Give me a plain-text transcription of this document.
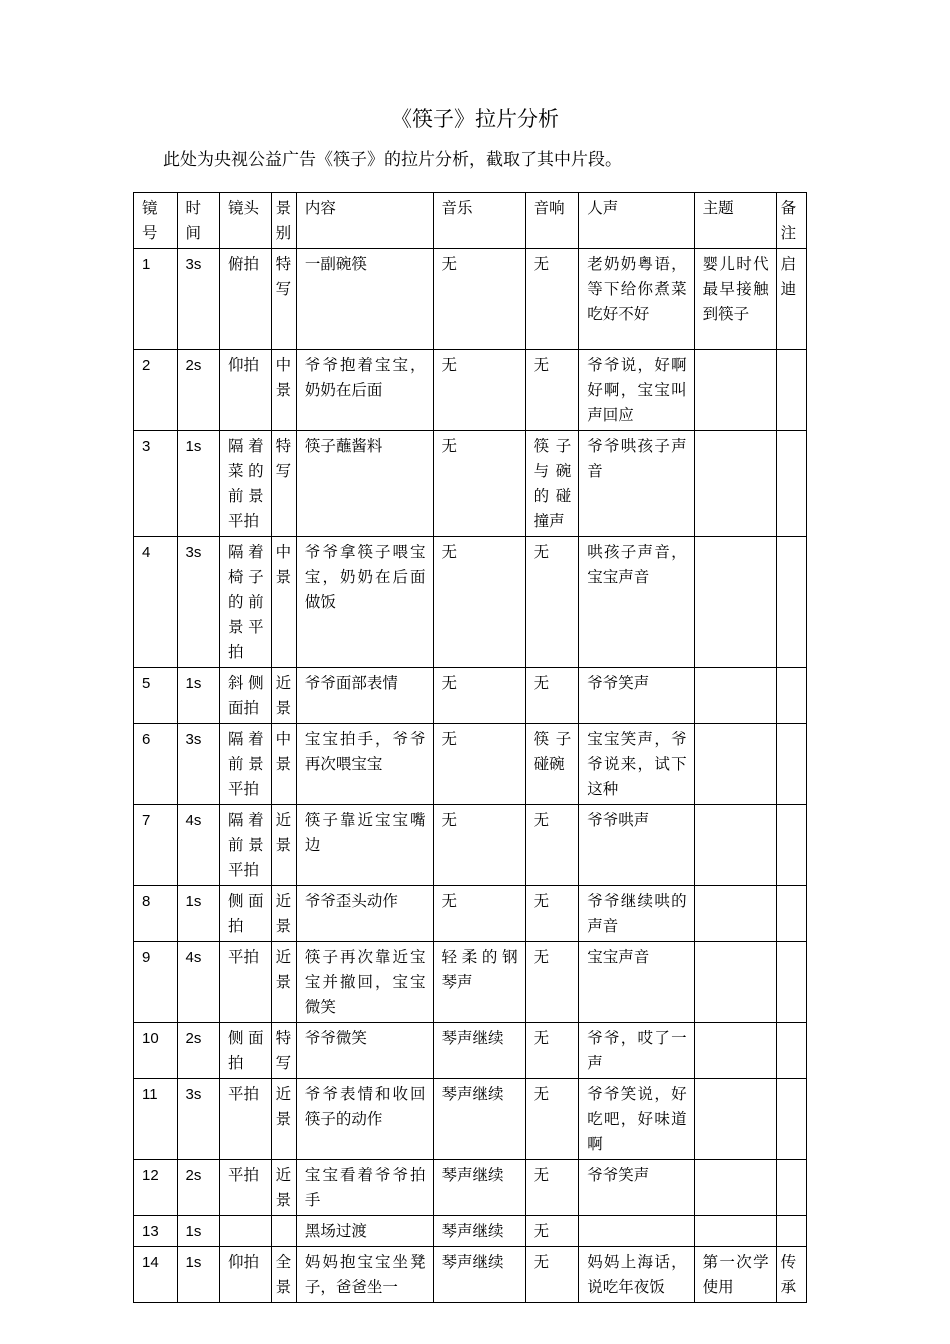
《筷子》拉片分析
此处为央视公益广告《筷子》的拉片分析，截取了其中片段。
镜号	时间	镜头	景别	内容	音乐	音响	人声	主题	备注
1	3s	俯拍	特写	一副碗筷	无	无	老奶奶粤语，等下给你煮菜吃好不好	婴儿时代最早接触到筷子	启迪
2	2s	仰拍	中景	爷爷抱着宝宝，奶奶在后面	无	无	爷爷说，好啊好啊，宝宝叫声回应		
3	1s	隔着菜的前景平拍	特写	筷子蘸酱料	无	筷子与碗的碰撞声	爷爷哄孩子声音		
4	3s	隔着椅子的前景平拍	中景	爷爷拿筷子喂宝宝，奶奶在后面做饭	无	无	哄孩子声音，宝宝声音		
5	1s	斜侧面拍	近景	爷爷面部表情	无	无	爷爷笑声		
6	3s	隔着前景平拍	中景	宝宝拍手，爷爷再次喂宝宝	无	筷子碰碗	宝宝笑声，爷爷说来，试下这种		
7	4s	隔着前景平拍	近景	筷子靠近宝宝嘴边	无	无	爷爷哄声		
8	1s	侧面拍	近景	爷爷歪头动作	无	无	爷爷继续哄的声音		
9	4s	平拍	近景	筷子再次靠近宝宝并撤回，宝宝微笑	轻柔的钢琴声	无	宝宝声音		
10	2s	侧面拍	特写	爷爷微笑	琴声继续	无	爷爷，哎了一声		
11	3s	平拍	近景	爷爷表情和收回筷子的动作	琴声继续	无	爷爷笑说，好吃吧，好味道啊		
12	2s	平拍	近景	宝宝看着爷爷拍手	琴声继续	无	爷爷笑声		
13	1s			黑场过渡	琴声继续	无			
14	1s	仰拍	全景	妈妈抱宝宝坐凳子，爸爸坐一	琴声继续	无	妈妈上海话，说吃年夜饭	第一次学使用	传承
